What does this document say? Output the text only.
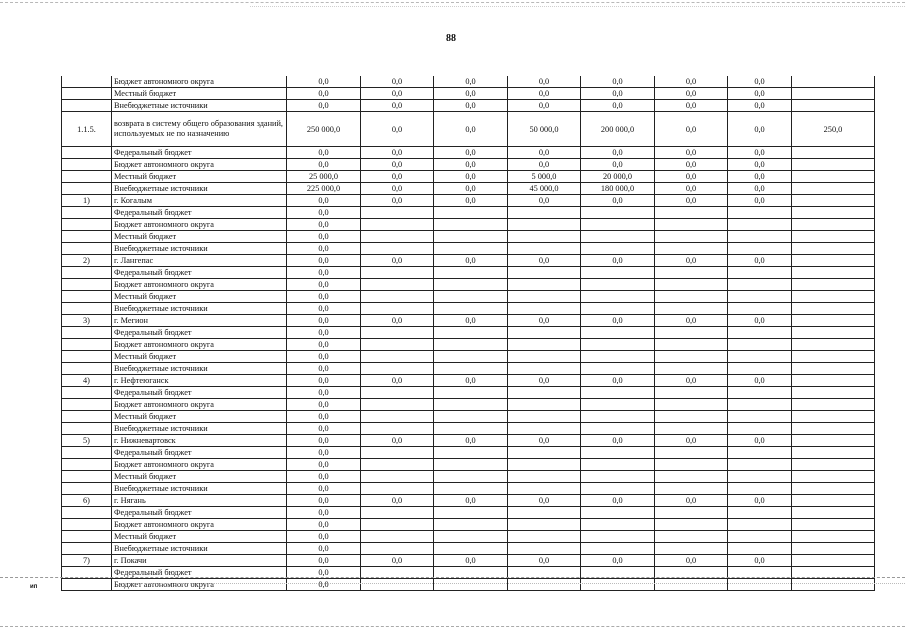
88
	Бюджет автономного округа	0,0	0,0	0,0	0,0	0,0	0,0	0,0	
	Местный бюджет	0,0	0,0	0,0	0,0	0,0	0,0	0,0	
	Внебюджетные источники	0,0	0,0	0,0	0,0	0,0	0,0	0,0	
1.1.5.	возврата в систему общего образования зданий, используемых не по назначению	250 000,0	0,0	0,0	50 000,0	200 000,0	0,0	0,0	250,0
	Федеральный бюджет	0,0	0,0	0,0	0,0	0,0	0,0	0,0	
	Бюджет автономного округа	0,0	0,0	0,0	0,0	0,0	0,0	0,0	
	Местный бюджет	25 000,0	0,0	0,0	5 000,0	20 000,0	0,0	0,0	
	Внебюджетные источники	225 000,0	0,0	0,0	45 000,0	180 000,0	0,0	0,0	
1)	г. Когалым	0,0	0,0	0,0	0,0	0,0	0,0	0,0	
	Федеральный бюджет	0,0							
	Бюджет автономного округа	0,0							
	Местный бюджет	0,0							
	Внебюджетные источники	0,0							
2)	г. Лангепас	0,0	0,0	0,0	0,0	0,0	0,0	0,0	
	Федеральный бюджет	0,0							
	Бюджет автономного округа	0,0							
	Местный бюджет	0,0							
	Внебюджетные источники	0,0							
3)	г. Мегион	0,0	0,0	0,0	0,0	0,0	0,0	0,0	
	Федеральный бюджет	0,0							
	Бюджет автономного округа	0,0							
	Местный бюджет	0,0							
	Внебюджетные источники	0,0							
4)	г. Нефтеюганск	0,0	0,0	0,0	0,0	0,0	0,0	0,0	
	Федеральный бюджет	0,0							
	Бюджет автономного округа	0,0							
	Местный бюджет	0,0							
	Внебюджетные источники	0,0							
5)	г. Нижневартовск	0,0	0,0	0,0	0,0	0,0	0,0	0,0	
	Федеральный бюджет	0,0							
	Бюджет автономного округа	0,0							
	Местный бюджет	0,0							
	Внебюджетные источники	0,0							
6)	г. Нягань	0,0	0,0	0,0	0,0	0,0	0,0	0,0	
	Федеральный бюджет	0,0							
	Бюджет автономного округа	0,0							
	Местный бюджет	0,0							
	Внебюджетные источники	0,0							
7)	г. Покачи	0,0	0,0	0,0	0,0	0,0	0,0	0,0	
	Федеральный бюджет	0,0							
	Бюджет автономного округа	0,0							
ип
